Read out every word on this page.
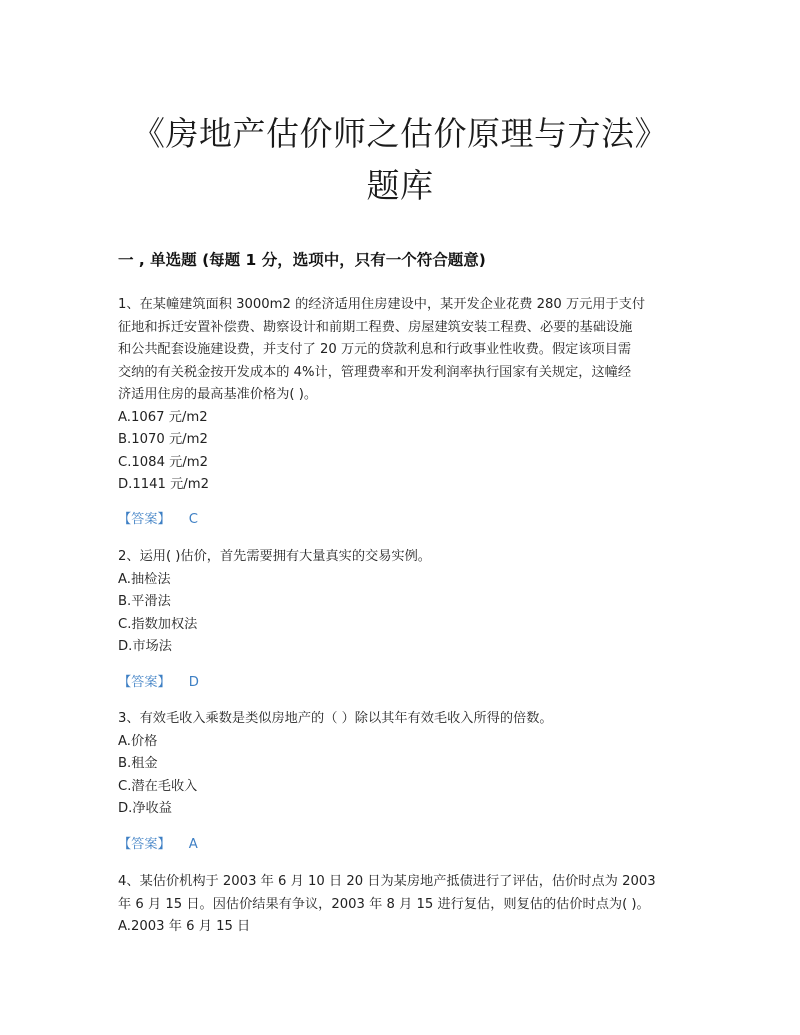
《房地产估价师之估价原理与方法》
题库
一 , 单选题 (每题 1 分，选项中，只有一个符合题意)

1、在某幢建筑面积 3000m2 的经济适用住房建设中，某开发企业花费 280 万元用于支付

征地和拆迁安置补偿费、勘察设计和前期工程费、房屋建筑安装工程费、必要的基础设施

和公共配套设施建设费，并支付了 20 万元的贷款利息和行政事业性收费。假定该项目需

交纳的有关税金按开发成本的 4%计，管理费率和开发利润率执行国家有关规定，这幢经

济适用住房的最高基准价格为( )。

A.1067 元/m2

B.1070 元/m2

C.1084 元/m2

D.1141 元/m2

【答案】 C

2、运用( )估价，首先需要拥有大量真实的交易实例。

A.抽检法

B.平滑法

C.指数加权法

D.市场法

【答案】 D

3、有效毛收入乘数是类似房地产的（ ）除以其年有效毛收入所得的倍数。

A.价格

B.租金

C.潜在毛收入

D.净收益

【答案】 A

4、某估价机构于 2003 年 6 月 10 日 20 日为某房地产抵债进行了评估，估价时点为 2003

年 6 月 15 日。因估价结果有争议，2003 年 8 月 15 进行复估，则复估的估价时点为( )。

A.2003 年 6 月 15 日
